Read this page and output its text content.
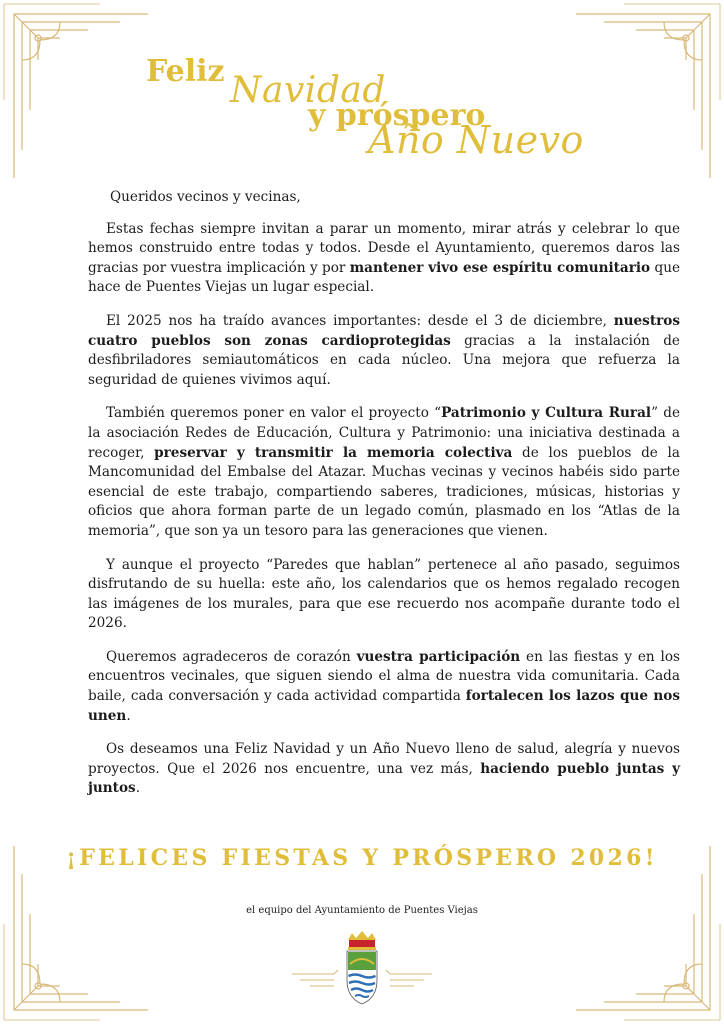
Feliz Navidad
y próspero
Año Nuevo

Queridos vecinos y vecinas,

Estas fechas siempre invitan a parar un momento, mirar atrás y celebrar lo que hemos construido entre todas y todos. Desde el Ayuntamiento, queremos daros las gracias por vuestra implicación y por mantener vivo ese espíritu comunitario que hace de Puentes Viejas un lugar especial.

El 2025 nos ha traído avances importantes: desde el 3 de diciembre, nuestros cuatro pueblos son zonas cardioprotegidas gracias a la instalación de desfibriladores semiautomáticos en cada núcleo. Una mejora que refuerza la seguridad de quienes vivimos aquí.

También queremos poner en valor el proyecto “Patrimonio y Cultura Rural” de la asociación Redes de Educación, Cultura y Patrimonio: una iniciativa destinada a recoger, preservar y transmitir la memoria colectiva de los pueblos de la Mancomunidad del Embalse del Atazar. Muchas vecinas y vecinos habéis sido parte esencial de este trabajo, compartiendo saberes, tradiciones, músicas, historias y oficios que ahora forman parte de un legado común, plasmado en los “Atlas de la memoria”, que son ya un tesoro para las generaciones que vienen.

Y aunque el proyecto “Paredes que hablan” pertenece al año pasado, seguimos disfrutando de su huella: este año, los calendarios que os hemos regalado recogen las imágenes de los murales, para que ese recuerdo nos acompañe durante todo el 2026.

Queremos agradeceros de corazón vuestra participación en las fiestas y en los encuentros vecinales, que siguen siendo el alma de nuestra vida comunitaria. Cada baile, cada conversación y cada actividad compartida fortalecen los lazos que nos unen.

Os deseamos una Feliz Navidad y un Año Nuevo lleno de salud, alegría y nuevos proyectos. Que el 2026 nos encuentre, una vez más, haciendo pueblo juntas y juntos.

¡FELICES FIESTAS Y PRÓSPERO 2026!
el equipo del Ayuntamiento de Puentes Viejas
